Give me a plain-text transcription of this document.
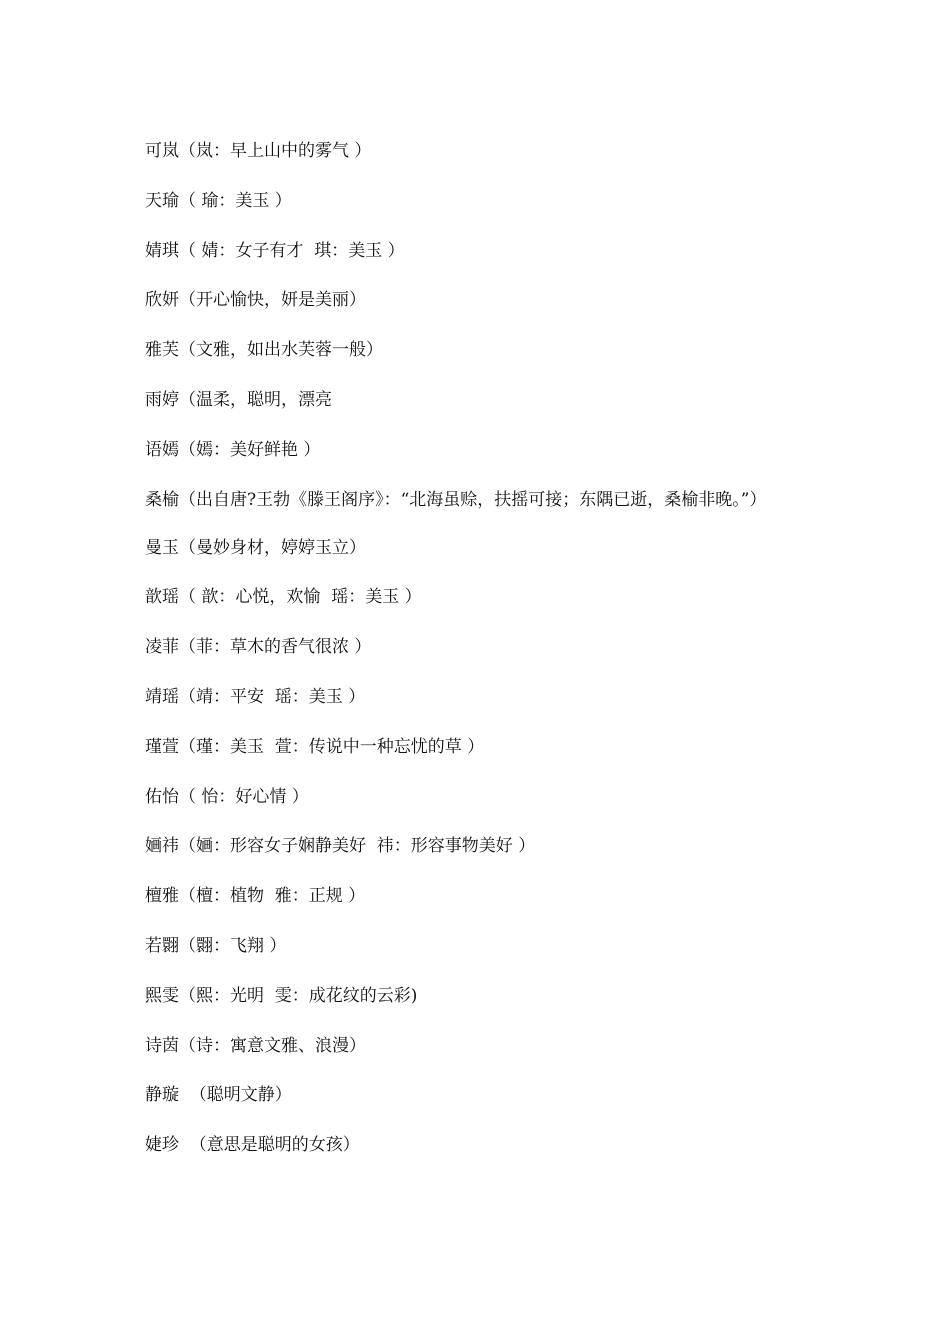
可岚（岚：早上山中的雾气 ）
天瑜（ 瑜：美玉 ）
婧琪（ 婧：女子有才  琪：美玉 ）
欣妍（开心愉快，妍是美丽）
雅芙（文雅，如出水芙蓉一般）
雨婷（温柔，聪明，漂亮
语嫣（嫣：美好鲜艳 ）
桑榆（出自唐?王勃《滕王阁序》：“北海虽赊，扶摇可接；东隅已逝，桑榆非晚。”）
曼玉（曼妙身材，婷婷玉立）
歆瑶（ 歆：心悦，欢愉  瑶：美玉 ）
凌菲（菲：草木的香气很浓 ）
靖瑶（靖：平安  瑶：美玉 ）
瑾萱（瑾：美玉  萱：传说中一种忘忧的草 ）
佑怡（ 怡：好心情 ）
婳祎（婳：形容女子娴静美好  祎：形容事物美好 ）
檀雅（檀：植物  雅：正规 ）
若翾（翾：飞翔 ）
熙雯（熙：光明  雯：成花纹的云彩)
诗茵（诗：寓意文雅、浪漫）
静璇  （聪明文静）
婕珍  （意思是聪明的女孩）
